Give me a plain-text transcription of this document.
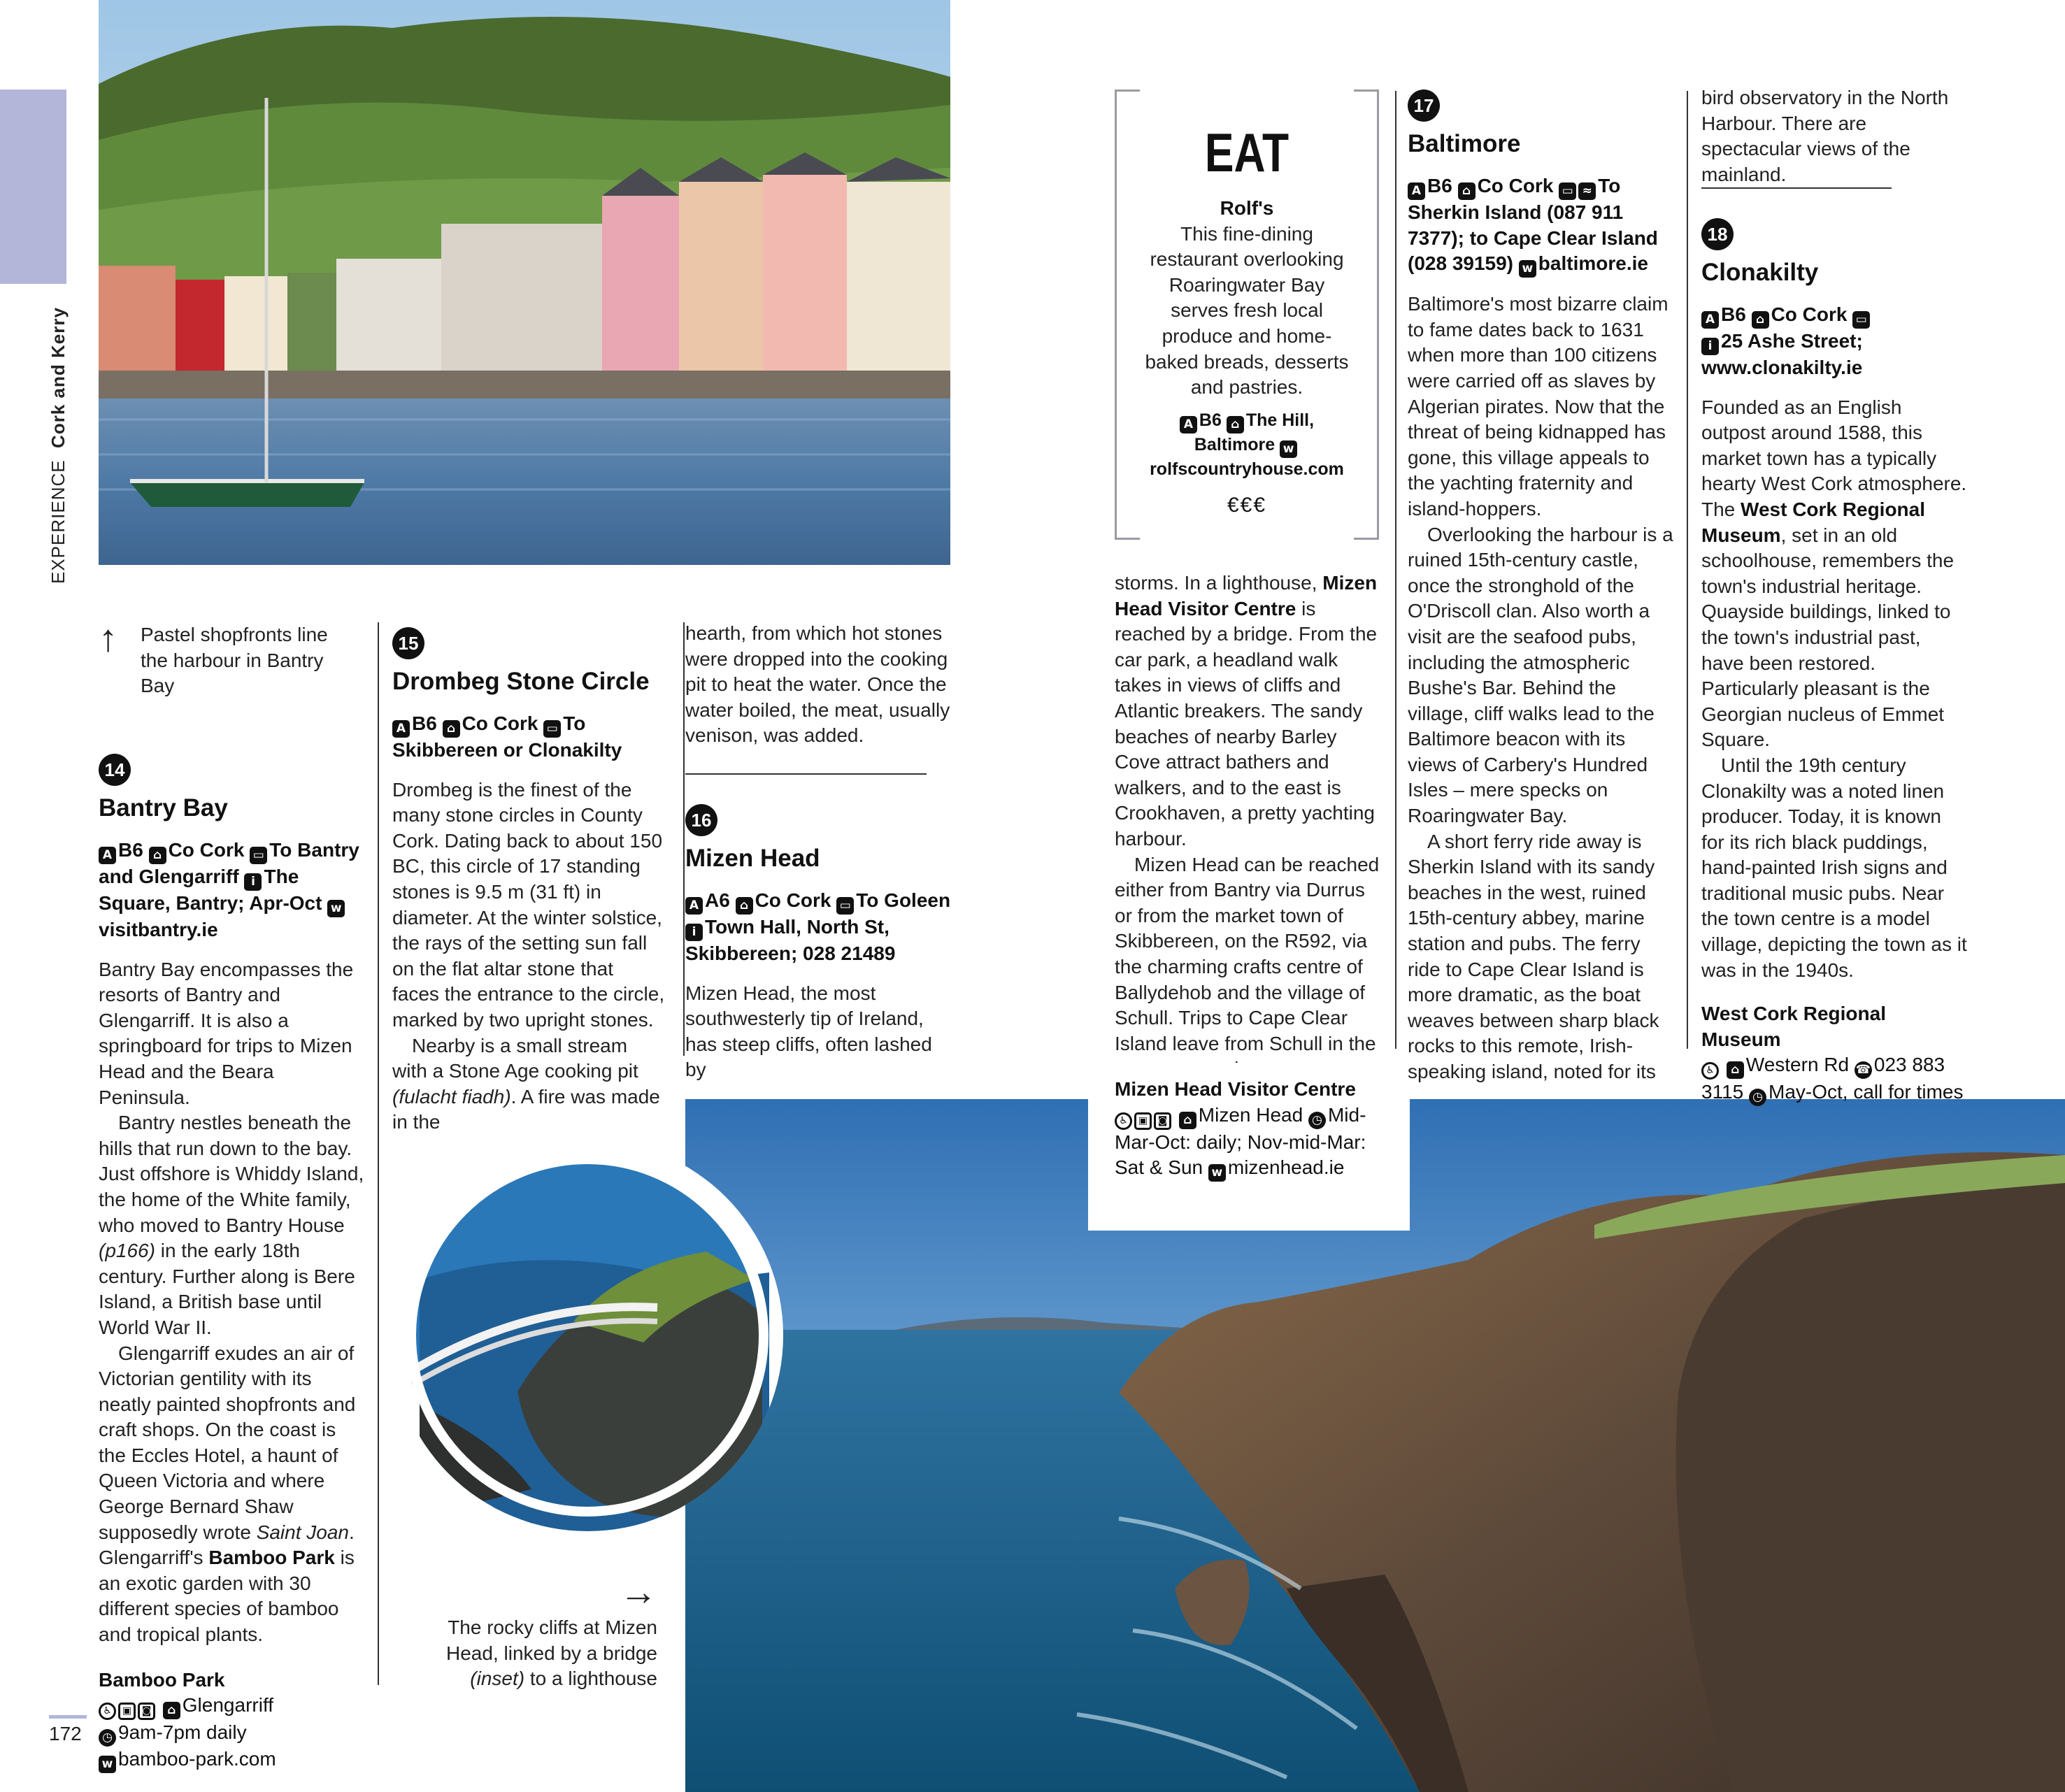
EXPERIENCE  Cork and Kerry
↑ Pastel shopfronts line the harbour in Bantry Bay
14
Bantry Bay
A B6 ⌂ Co Cork ▭ To Bantry and Glengarriff i The Square, Bantry; Apr-Oct wvisitbantry.ie

Bantry Bay encompasses the resorts of Bantry and Glengarriff. It is also a springboard for trips to Mizen Head and the Beara Peninsula.

Bantry nestles beneath the hills that run down to the bay. Just offshore is Whiddy Island, the home of the White family, who moved to Bantry House (p166) in the early 18th century. Further along is Bere Island, a British base until World War II.

Glengarriff exudes an air of Victorian gentility with its neatly painted shopfronts and craft shops. On the coast is the Eccles Hotel, a haunt of Queen Victoria and where George Bernard Shaw supposedly wrote Saint Joan. Glengarriff's Bamboo Park is an exotic garden with 30 different species of bamboo and tropical plants.

Bamboo Park
♿ ▣ ◙ ⌂ Glengarriff
◷ 9am-7pm daily
w bamboo-park.com
15
Drombeg Stone Circle
A B6 ⌂ Co Cork ▭ To Skibbereen or Clonakilty

Drombeg is the finest of the many stone circles in County Cork. Dating back to about 150 BC, this circle of 17 standing stones is 9.5 m (31 ft) in diameter. At the winter solstice, the rays of the setting sun fall on the flat altar stone that faces the entrance to the circle, marked by two upright stones.

Nearby is a small stream with a Stone Age cooking pit (fulacht fiadh). A fire was made in the

hearth, from which hot stones were dropped into the cooking pit to heat the water. Once the water boiled, the meat, usually venison, was added.
16
Mizen Head
A A6 ⌂ Co Cork ▭ To Goleen i Town Hall, North St, Skibbereen; 028 21489
Mizen Head, the most southwesterly tip of Ireland, has steep cliffs, often lashed by
EAT
Rolf's
This fine-dining restaurant overlooking Roaringwater Bay serves fresh local produce and home-baked breads, desserts and pastries.
A B6 ⌂ The Hill, Baltimore wrolfscountryhouse.com
€€€

storms. In a lighthouse, Mizen Head Visitor Centre is reached by a bridge. From the car park, a headland walk takes in views of cliffs and Atlantic breakers. The sandy beaches of nearby Barley Cove attract bathers and walkers, and to the east is Crookhaven, a pretty yachting harbour.

Mizen Head can be reached either from Bantry via Durrus or from the market town of Skibbereen, on the R592, via the charming crafts centre of Ballydehob and the village of Schull. Trips to Cape Clear Island leave from Schull in the

Mizen Head Visitor Centre
♿ ▣ ◙ ⌂ Mizen Head ◷ Mid-Mar-Oct: daily; Nov-mid-Mar: Sat & Sun w mizenhead.ie
→
The rocky cliffs at Mizen Head, linked by a bridge (inset) to a lighthouse
17
Baltimore
A B6 ⌂ Co Cork ▭ ≈ To Sherkin Island (087 911 7377); to Cape Clear Island (028 39159) w baltimore.ie

Baltimore's most bizarre claim to fame dates back to 1631 when more than 100 citizens were carried off as slaves by Algerian pirates. Now that the threat of being kidnapped has gone, this village appeals to the yachting fraternity and island-hoppers.

Overlooking the harbour is a ruined 15th-century castle, once the stronghold of the O'Driscoll clan. Also worth a visit are the seafood pubs, including the atmospheric Bushe's Bar. Behind the village, cliff walks lead to the Baltimore beacon with its views of Carbery's Hundred Isles – mere specks on Roaringwater Bay.

A short ferry ride away is Sherkin Island with its sandy beaches in the west, ruined 15th-century abbey, marine station and pubs. The ferry ride to Cape Clear Island is more dramatic, as the boat weaves between sharp black rocks to this remote, Irish-speaking island, noted for its

bird observatory in the North Harbour. There are spectacular views of the mainland.
18
Clonakilty
A B6 ⌂ Co Cork ▭
i 25 Ashe Street;
www.clonakilty.ie

Founded as an English outpost around 1588, this market town has a typically hearty West Cork atmosphere. The West Cork Regional Museum, set in an old schoolhouse, remembers the town's industrial heritage. Quayside buildings, linked to the town's industrial past, have been restored. Particularly pleasant is the Georgian nucleus of Emmet Square.

Until the 19th century Clonakilty was a noted linen producer. Today, it is known for its rich black puddings, hand-painted Irish signs and traditional music pubs. Near the town centre is a model village, depicting the town as it was in the 1940s.

West Cork Regional Museum
♿ ⌂ Western Rd ☎ 023 883 3115 ◷ May-Oct, call for times
172
